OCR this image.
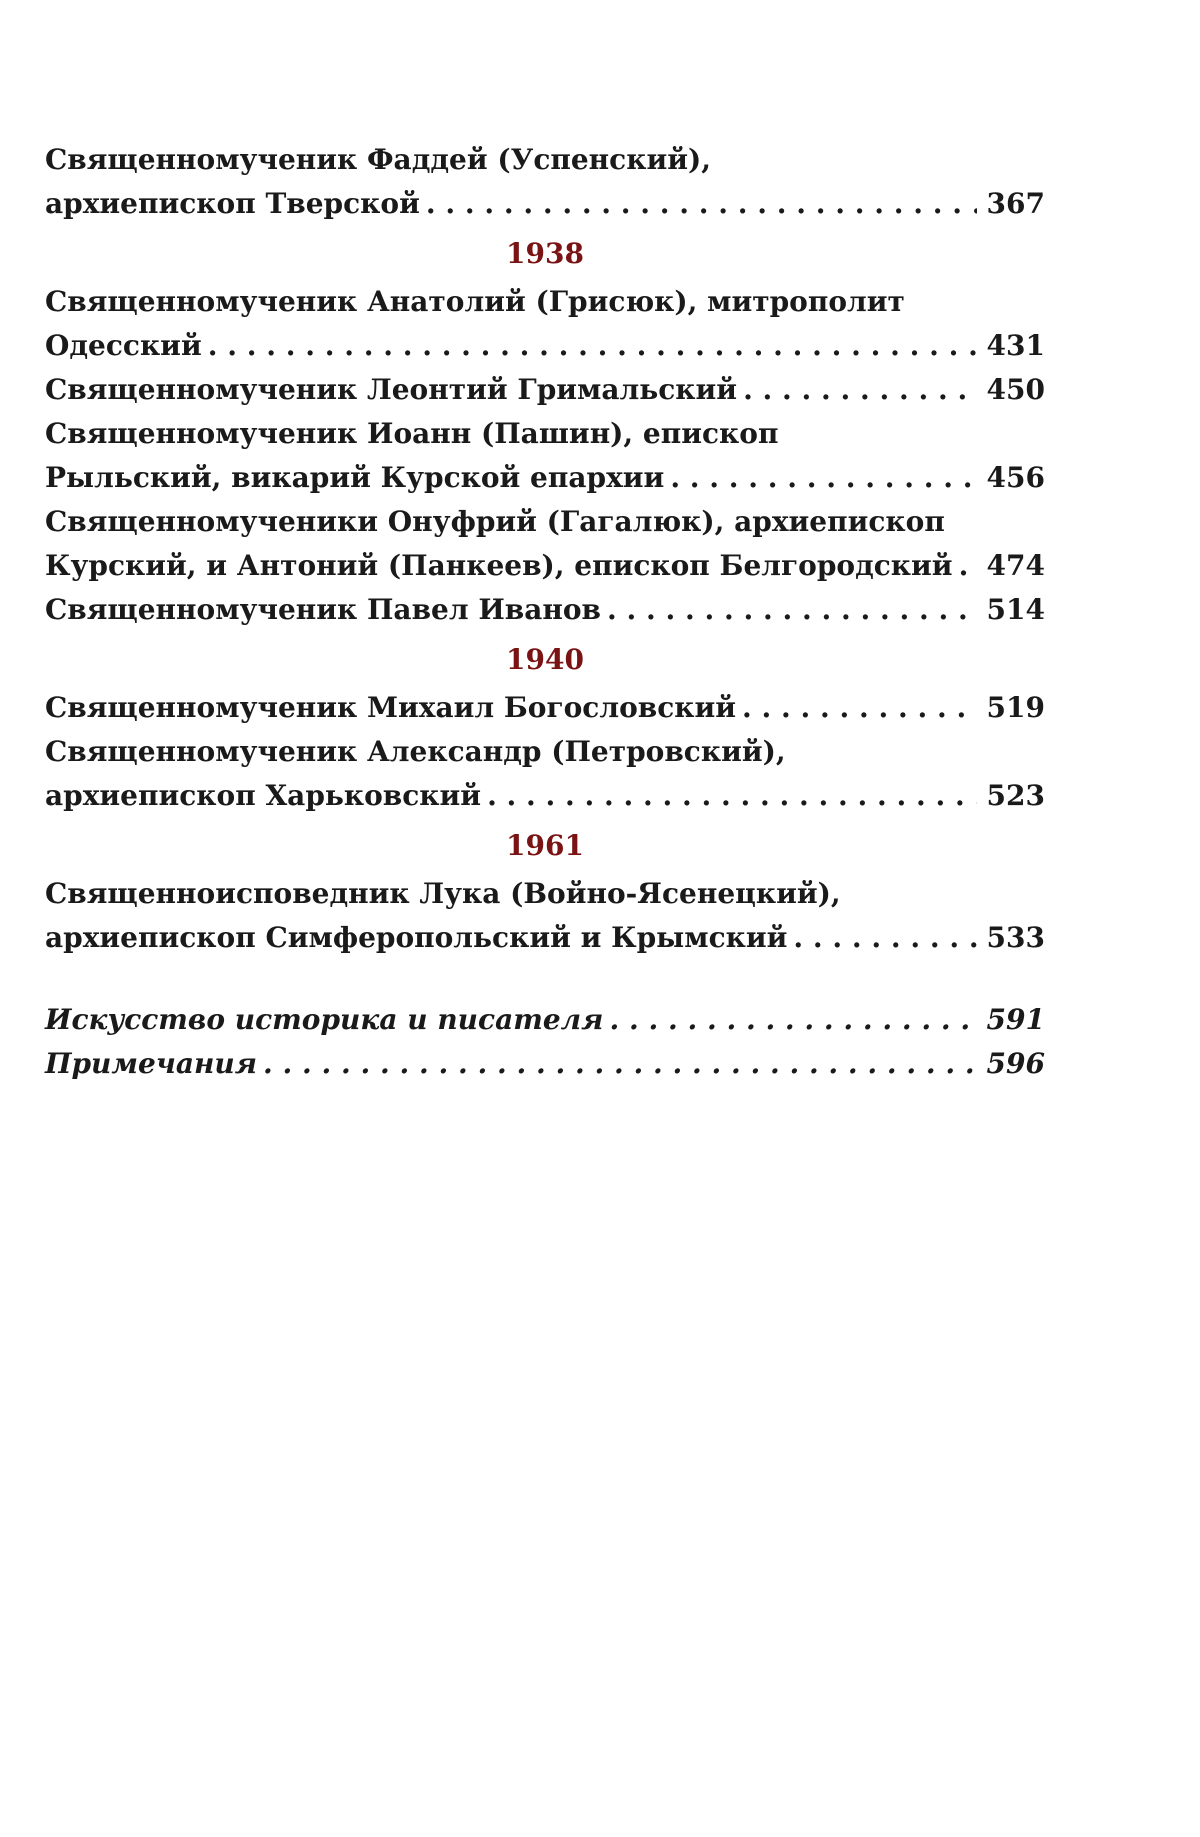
Священномученик Фаддей (Успенский),
архиепископ Тверской . . .	367
1938
Священномученик Анатолий (Грисюк), митрополит
Одесский . . .	431
Священномученик Леонтий Гримальский . . .	450
Священномученик Иоанн (Пашин), епископ
Рыльский, викарий Курской епархии . . .	456
Священномученики Онуфрий (Гагалюк), архиепископ
Курский, и Антоний (Панкеев), епископ Белгородский . . . 474
Священномученик Павел Иванов . . .	514
1940
Священномученик Михаил Богословский . . .	519
Священномученик Александр (Петровский),
архиепископ Харьковский . . .	523
1961
Священноисповедник Лука (Войно-Ясенецкий),
архиепископ Симферопольский и Крымский . . .	533
Искусство историка и писателя . . .	591
Примечания . . .	596
